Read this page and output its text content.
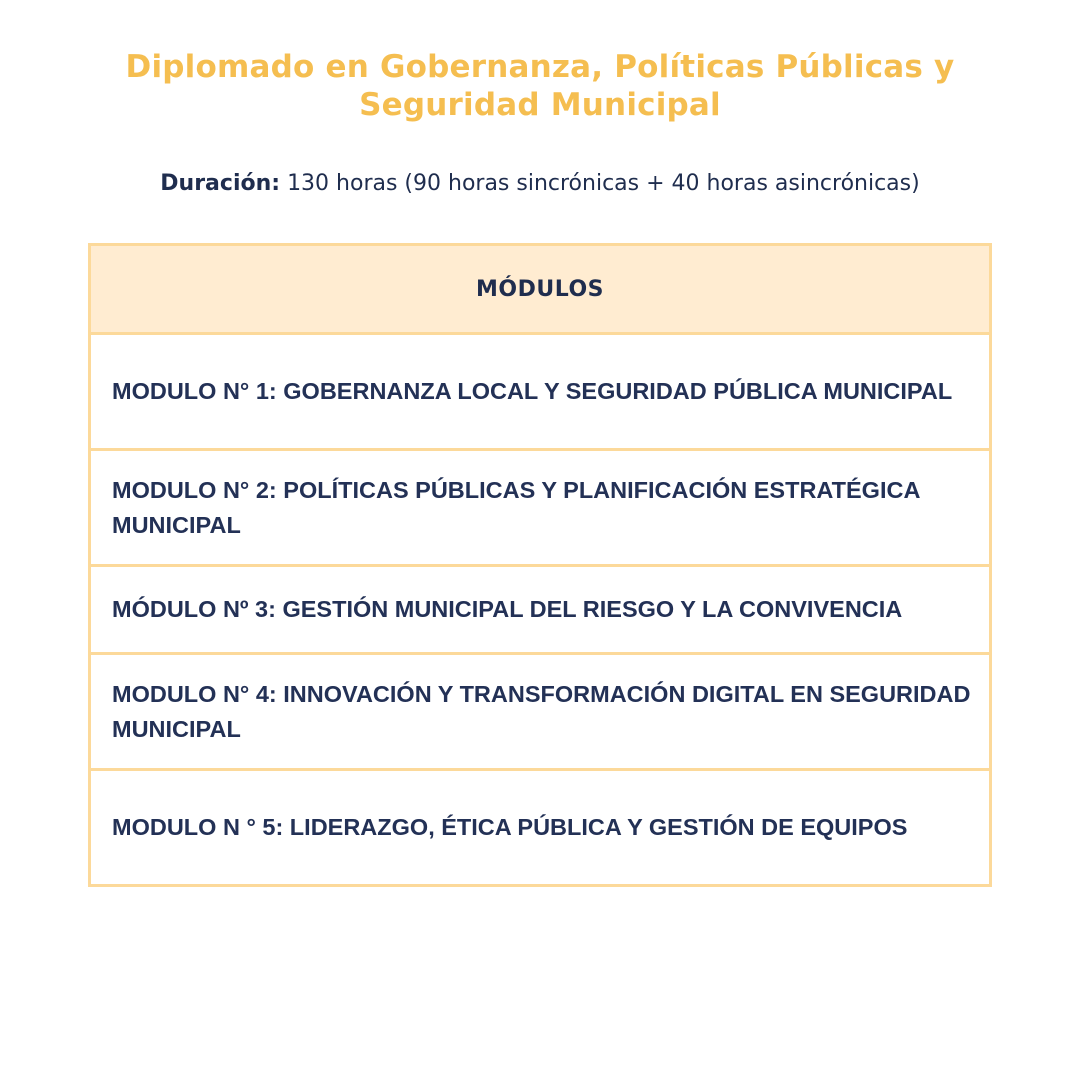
Diplomado en Gobernanza, Políticas Públicas y Seguridad Municipal

Duración: 130 horas (90 horas sincrónicas + 40 horas asincrónicas)

MÓDULOS
MODULO N° 1: GOBERNANZA LOCAL Y SEGURIDAD PÚBLICA MUNICIPAL
MODULO N° 2: POLÍTICAS PÚBLICAS Y PLANIFICACIÓN ESTRATÉGICA MUNICIPAL
MÓDULO Nº 3: GESTIÓN MUNICIPAL DEL RIESGO Y LA CONVIVENCIA
MODULO N° 4: INNOVACIÓN Y TRANSFORMACIÓN DIGITAL EN SEGURIDAD MUNICIPAL
MODULO N ° 5: LIDERAZGO, ÉTICA PÚBLICA Y GESTIÓN DE EQUIPOS
